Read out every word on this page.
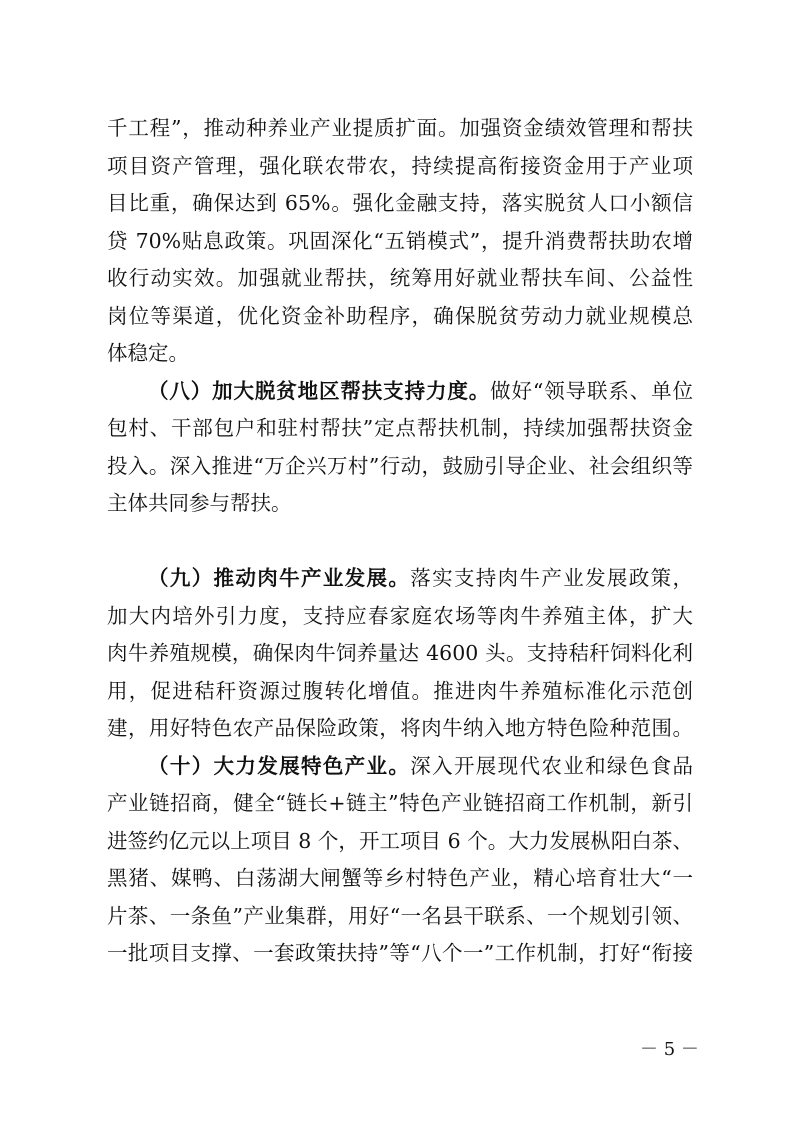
千工程”，推动种养业产业提质扩面。加强资金绩效管理和帮扶
项目资产管理，强化联农带农，持续提高衔接资金用于产业项
目比重，确保达到 65%。强化金融支持，落实脱贫人口小额信
贷 70%贴息政策。巩固深化“五销模式”，提升消费帮扶助农增
收行动实效。加强就业帮扶，统筹用好就业帮扶车间、公益性
岗位等渠道，优化资金补助程序，确保脱贫劳动力就业规模总
体稳定。
（八）加大脱贫地区帮扶支持力度。做好“领导联系、单位
包村、干部包户和驻村帮扶”定点帮扶机制，持续加强帮扶资金
投入。深入推进“万企兴万村”行动，鼓励引导企业、社会组织等
主体共同参与帮扶。
（九）推动肉牛产业发展。落实支持肉牛产业发展政策，
加大内培外引力度，支持应春家庭农场等肉牛养殖主体，扩大
肉牛养殖规模，确保肉牛饲养量达 4600 头。支持秸秆饲料化利
用，促进秸秆资源过腹转化增值。推进肉牛养殖标准化示范创
建，用好特色农产品保险政策，将肉牛纳入地方特色险种范围。
（十）大力发展特色产业。深入开展现代农业和绿色食品
产业链招商，健全“链长+链主”特色产业链招商工作机制，新引
进签约亿元以上项目 8 个，开工项目 6 个。大力发展枞阳白茶、
黑猪、媒鸭、白荡湖大闸蟹等乡村特色产业，精心培育壮大“一
片茶、一条鱼”产业集群，用好“一名县干联系、一个规划引领、
一批项目支撑、一套政策扶持”等“八个一”工作机制，打好“衔接
－ 5 －
